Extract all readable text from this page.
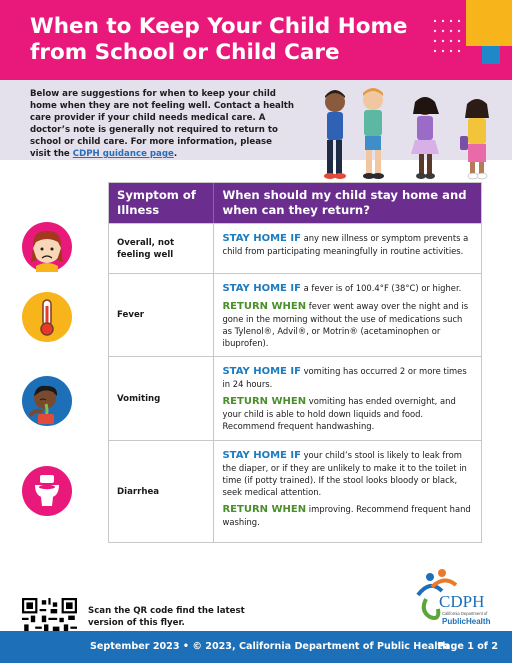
When to Keep Your Child Home from School or Child Care

Below are suggestions for when to keep your child home when they are not feeling well. Contact a health care provider if your child needs medical care. A doctor’s note is generally not required to return to school or child care. For more information, please visit the CDPH guidance page.

Symptom of Illness
When should my child stay home and when can they return?
Overall, not feeling well

STAY HOME IF any new illness or symptom prevents a child from participating meaningfully in routine activities.

Fever

STAY HOME IF a fever is of 100.4°F (38°C) or higher.

RETURN WHEN fever went away over the night and is gone in the morning without the use of medications such as Tylenol®, Advil®, or Motrin® (acetaminophen or ibuprofen).

Vomiting

STAY HOME IF vomiting has occurred 2 or more times in 24 hours.

RETURN WHEN vomiting has ended overnight, and your child is able to hold down liquids and food. Recommend frequent handwashing.

Diarrhea

STAY HOME IF your child’s stool is likely to leak from the diaper, or if they are unlikely to make it to the toilet in time (if potty trained). If the stool looks bloody or black, seek medical attention.

RETURN WHEN improving. Recommend frequent hand washing.

Scan the QR code find the latest version of this flyer.

CDPH
California Department of
PublicHealth
September 2023 • © 2023, California Department of Public Health
Page 1 of 2
